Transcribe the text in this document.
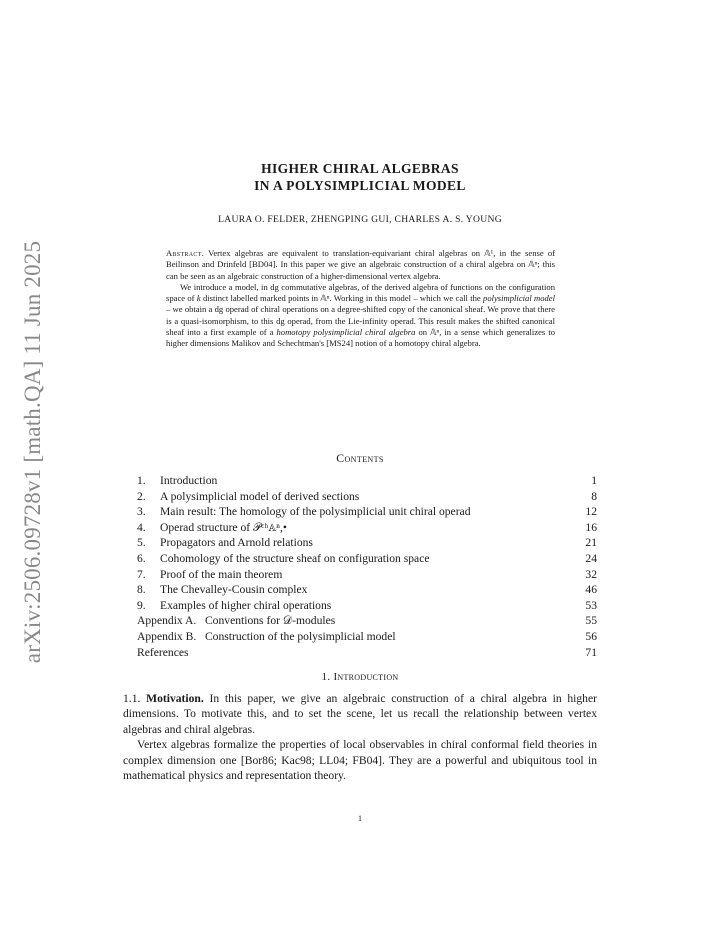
arXiv:2506.09728v1 [math.QA] 11 Jun 2025
HIGHER CHIRAL ALGEBRAS
IN A POLYSIMPLICIAL MODEL
LAURA O. FELDER, ZHENGPING GUI, CHARLES A. S. YOUNG

Abstract. Vertex algebras are equivalent to translation-equivariant chiral algebras on 𝔸¹, in the sense of Beilinson and Drinfeld [BD04]. In this paper we give an algebraic construction of a chiral algebra on 𝔸ⁿ; this can be seen as an algebraic construction of a higher-dimensional vertex algebra.

We introduce a model, in dg commutative algebras, of the derived algebra of functions on the configuration space of k distinct labelled marked points in 𝔸ⁿ. Working in this model – which we call the polysimplicial model – we obtain a dg operad of chiral operations on a degree-shifted copy of the canonical sheaf. We prove that there is a quasi-isomorphism, to this dg operad, from the Lie-infinity operad. This result makes the shifted canonical sheaf into a first example of a homotopy polysimplicial chiral algebra on 𝔸ⁿ, in a sense which generalizes to higher dimensions Malikov and Schechtman's [MS24] notion of a homotopy chiral algebra.

Contents
1. Introduction	1
2. A polysimplicial model of derived sections	8
3. Main result: The homology of the polysimplicial unit chiral operad	12
4. Operad structure of 𝒫ᶜʰ𝔸ⁿ,•	16
5. Propagators and Arnold relations	21
6. Cohomology of the structure sheaf on configuration space	24
7. Proof of the main theorem	32
8. The Chevalley-Cousin complex	46
9. Examples of higher chiral operations	53
Appendix A.   Conventions for 𝒟-modules	55
Appendix B.   Construction of the polysimplicial model	56
References	71
1. Introduction

1.1. Motivation. In this paper, we give an algebraic construction of a chiral algebra in higher dimensions. To motivate this, and to set the scene, let us recall the relationship between vertex algebras and chiral algebras.

Vertex algebras formalize the properties of local observables in chiral conformal field theories in complex dimension one [Bor86; Kac98; LL04; FB04]. They are a powerful and ubiquitous tool in mathematical physics and representation theory.

1
